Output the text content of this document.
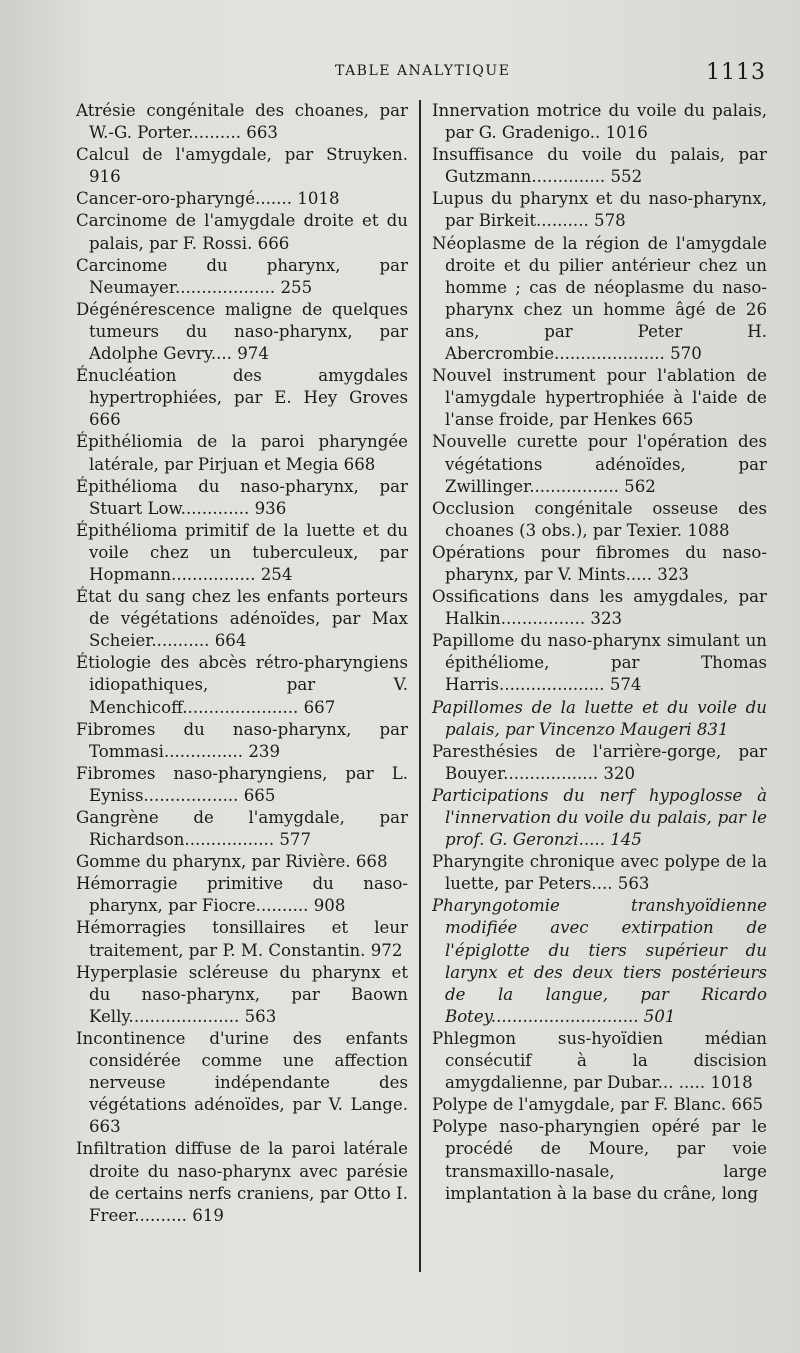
TABLE ANALYTIQUE	1113

Atrésie congénitale des choanes, par W.-G. Porter.......... 663

Calcul de l'amygdale, par Struyken. 916

Cancer-oro-pharyngé....... 1018

Carcinome de l'amygdale droite et du palais, par F. Rossi. 666

Carcinome du pharynx, par Neumayer................... 255

Dégénérescence maligne de quelques tumeurs du naso-pharynx, par Adolphe Gevry.... 974

Énucléation des amygdales hypertrophiées, par E. Hey Groves 666

Épithéliomia de la paroi pharyngée latérale, par Pirjuan et Megia 668

Épithélioma du naso-pharynx, par Stuart Low............. 936

Épithélioma primitif de la luette et du voile chez un tuberculeux, par Hopmann................ 254

État du sang chez les enfants porteurs de végétations adénoïdes, par Max Scheier........... 664

Étiologie des abcès rétro-pharyngiens idiopathiques, par V. Menchicoff...................... 667

Fibromes du naso-pharynx, par Tommasi............... 239

Fibromes naso-pharyngiens, par L. Eyniss.................. 665

Gangrène de l'amygdale, par Richardson................. 577

Gomme du pharynx, par Rivière. 668

Hémorragie primitive du naso-pharynx, par Fiocre.......... 908

Hémorragies tonsillaires et leur traitement, par P. M. Constantin. 972

Hyperplasie scléreuse du pharynx et du naso-pharynx, par Baown Kelly..................... 563

Incontinence d'urine des enfants considérée comme une affection nerveuse indépendante des végétations adénoïdes, par V. Lange. 663

Infiltration diffuse de la paroi latérale droite du naso-pharynx avec parésie de certains nerfs craniens, par Otto I. Freer.......... 619

Innervation motrice du voile du palais, par G. Gradenigo.. 1016

Insuffisance du voile du palais, par Gutzmann.............. 552

Lupus du pharynx et du naso-pharynx, par Birkeit.......... 578

Néoplasme de la région de l'amygdale droite et du pilier antérieur chez un homme ; cas de néoplasme du naso-pharynx chez un homme âgé de 26 ans, par Peter H. Abercrombie..................... 570

Nouvel instrument pour l'ablation de l'amygdale hypertrophiée à l'aide de l'anse froide, par Henkes 665

Nouvelle curette pour l'opération des végétations adénoïdes, par Zwillinger................. 562

Occlusion congénitale osseuse des choanes (3 obs.), par Texier. 1088

Opérations pour fibromes du naso-pharynx, par V. Mints..... 323

Ossifications dans les amygdales, par Halkin................ 323

Papillome du naso-pharynx simulant un épithéliome, par Thomas Harris.................... 574

Papillomes de la luette et du voile du palais, par Vincenzo Maugeri 831

Paresthésies de l'arrière-gorge, par Bouyer.................. 320

Participations du nerf hypoglosse à l'innervation du voile du palais, par le prof. G. Geronzi..... 145

Pharyngite chronique avec polype de la luette, par Peters.... 563

Pharyngotomie transhyoïdienne modifiée avec extirpation de l'épiglotte du tiers supérieur du larynx et des deux tiers postérieurs de la langue, par Ricardo Botey............................ 501

Phlegmon sus-hyoïdien médian consécutif à la discision amygdalienne, par Dubar... ..... 1018

Polype de l'amygdale, par F. Blanc. 665

Polype naso-pharyngien opéré par le procédé de Moure, par voie transmaxillo-nasale, large implantation à la base du crâne, long
